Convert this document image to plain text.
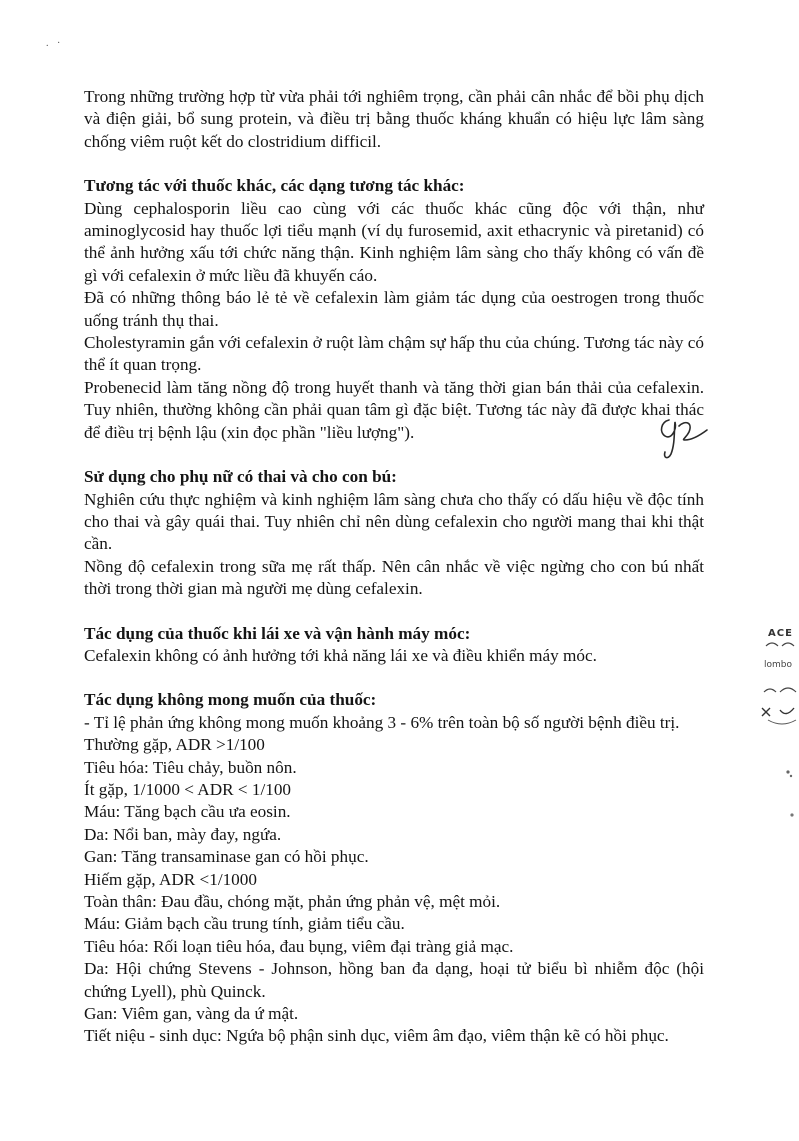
. ·

Trong những trường hợp từ vừa phải tới nghiêm trọng, cần phải cân nhắc để bồi phụ dịch và điện giải, bổ sung protein, và điều trị bằng thuốc kháng khuẩn có hiệu lực lâm sàng chống viêm ruột kết do clostridium difficil.

Tương tác với thuốc khác, các dạng tương tác khác:

Dùng cephalosporin liều cao cùng với các thuốc khác cũng độc với thận, như aminoglycosid hay thuốc lợi tiểu mạnh (ví dụ furosemid, axit ethacrynic và piretanid) có thể ảnh hưởng xấu tới chức năng thận. Kinh nghiệm lâm sàng cho thấy không có vấn đề gì với cefalexin ở mức liều đã khuyến cáo.

Đã có những thông báo lẻ tẻ về cefalexin làm giảm tác dụng của oestrogen trong thuốc uống tránh thụ thai.

Cholestyramin gắn với cefalexin ở ruột làm chậm sự hấp thu của chúng. Tương tác này có thể ít quan trọng.

Probenecid làm tăng nồng độ trong huyết thanh và tăng thời gian bán thải của cefalexin. Tuy nhiên, thường không cần phải quan tâm gì đặc biệt. Tương tác này đã được khai thác để điều trị bệnh lậu (xin đọc phần "liều lượng").

Sử dụng cho phụ nữ có thai và cho con bú:

Nghiên cứu thực nghiệm và kinh nghiệm lâm sàng chưa cho thấy có dấu hiệu về độc tính cho thai và gây quái thai. Tuy nhiên chỉ nên dùng cefalexin cho người mang thai khi thật cần.

Nồng độ cefalexin trong sữa mẹ rất thấp. Nên cân nhắc về việc ngừng cho con bú nhất thời trong thời gian mà người mẹ dùng cefalexin.

Tác dụng của thuốc khi lái xe và vận hành máy móc:

Cefalexin không có ảnh hưởng tới khả năng lái xe và điều khiển máy móc.

Tác dụng không mong muốn của thuốc:

- Tỉ lệ phản ứng không mong muốn khoảng 3 - 6% trên toàn bộ số người bệnh điều trị.

Thường gặp, ADR >1/100

Tiêu hóa: Tiêu chảy, buồn nôn.

Ít gặp, 1/1000 < ADR < 1/100

Máu: Tăng bạch cầu ưa eosin.

Da: Nổi ban, mày đay, ngứa.

Gan: Tăng transaminase gan có hồi phục.

Hiếm gặp, ADR <1/1000

Toàn thân: Đau đầu, chóng mặt, phản ứng phản vệ, mệt mỏi.

Máu: Giảm bạch cầu trung tính, giảm tiểu cầu.

Tiêu hóa: Rối loạn tiêu hóa, đau bụng, viêm đại tràng giả mạc.

Da: Hội chứng Stevens - Johnson, hồng ban đa dạng, hoại tử biểu bì nhiễm độc (hội chứng Lyell), phù Quinck.

Gan: Viêm gan, vàng da ứ mật.

Tiết niệu - sinh dục: Ngứa bộ phận sinh dục, viêm âm đạo, viêm thận kẽ có hồi phục.

ACE
lombo
